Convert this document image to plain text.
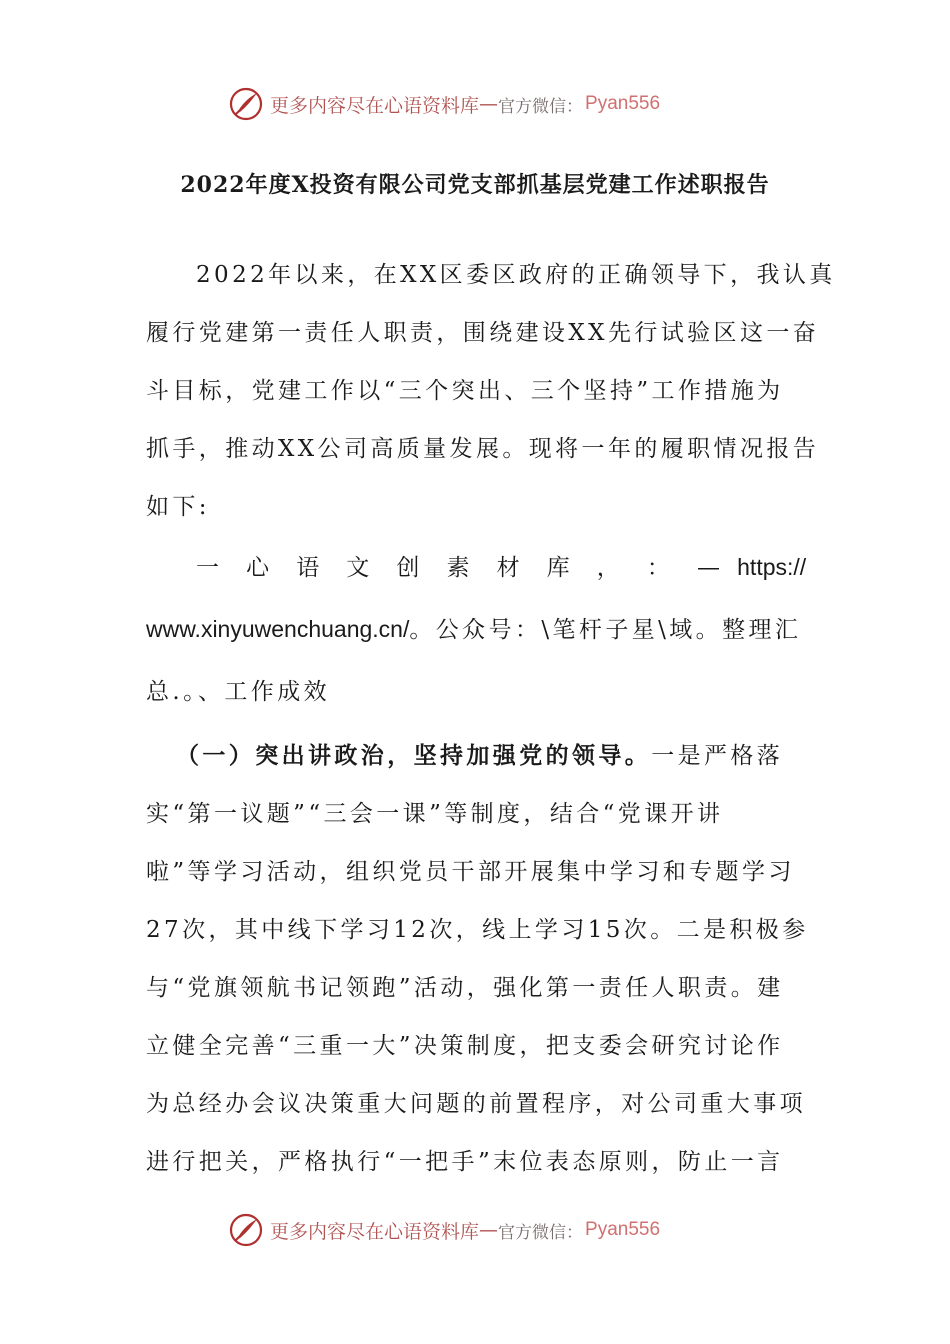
更多内容尽在心语资料库 — 官方微信： Pyan556
2022年度X投资有限公司党支部抓基层党建工作述职报告
2022年以来，在XX区委区政府的正确领导下，我认真
履行党建第一责任人职责，围绕建设XX先行试验区这一奋
斗目标，党建工作以“三个突出、三个坚持”工作措施为
抓手，推动XX公司高质量发展。现将一年的履职情况报告
如下:
一 心 语 文 创 素 材 库 ， ： — https://
www.xinyuwenchuang.cn/。公众号：\笔杆子星\域。整理汇
总.。、工作成效
（一）突出讲政治，坚持加强党的领导。一是严格落
实“第一议题”“三会一课”等制度，结合“党课开讲
啦”等学习活动，组织党员干部开展集中学习和专题学习
27次，其中线下学习12次，线上学习15次。二是积极参
与“党旗领航书记领跑”活动，强化第一责任人职责。建
立健全完善“三重一大”决策制度，把支委会研究讨论作
为总经办会议决策重大问题的前置程序，对公司重大事项
进行把关，严格执行“一把手”末位表态原则，防止一言
更多内容尽在心语资料库 — 官方微信： Pyan556
